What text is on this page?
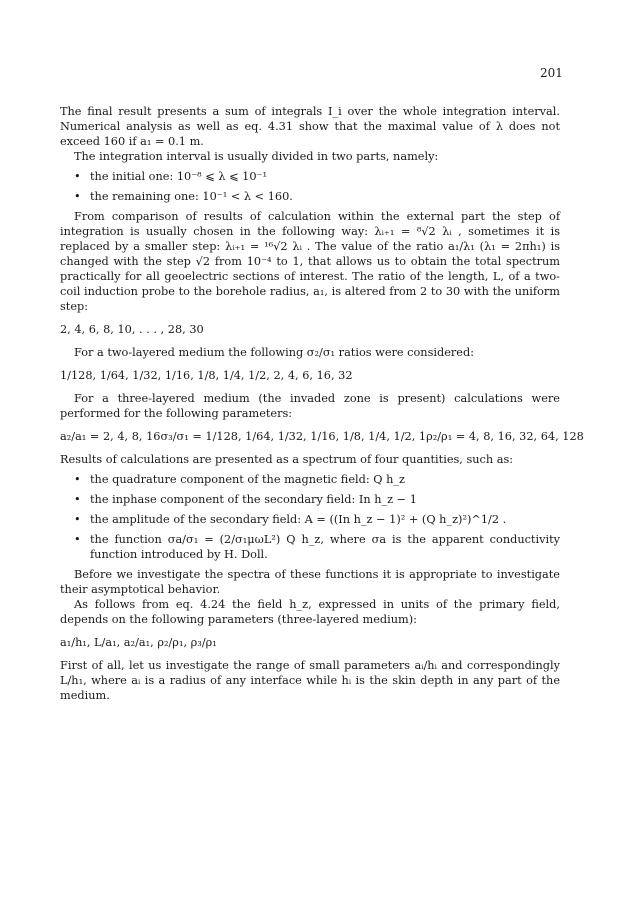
201

The final result presents a sum of integrals I_i over the whole integration interval. Numerical analysis as well as eq. 4.31 show that the maximal value of λ does not exceed 160 if a₁ = 0.1 m.

The integration interval is usually divided in two parts, namely:

• the initial one: 10⁻⁸ ⩽ λ ⩽ 10⁻¹
• the remaining one: 10⁻¹ < λ < 160.

From comparison of results of calculation within the external part the step of integration is usually chosen in the following way: λᵢ₊₁ = ⁸√2 λᵢ , sometimes it is replaced by a smaller step: λᵢ₊₁ = ¹⁶√2 λᵢ . The value of the ratio a₁/λ₁ (λ₁ = 2πh₁) is changed with the step √2 from 10⁻⁴ to 1, that allows us to obtain the total spectrum practically for all geoelectric sections of interest. The ratio of the length, L, of a two-coil induction probe to the borehole radius, a₁, is altered from 2 to 30 with the uniform step:

2, 4, 6, 8, 10, . . . , 28, 30

For a two-layered medium the following σ₂/σ₁ ratios were considered:

1/128, 1/64, 1/32, 1/16, 1/8, 1/4, 1/2, 2, 4, 6, 16, 32

For a three-layered medium (the invaded zone is present) calculations were performed for the following parameters:

a₂/a₁ = 2, 4, 8, 16 σ₃/σ₁ = 1/128, 1/64, 1/32, 1/16, 1/8, 1/4, 1/2, 1 ρ₂/ρ₁ = 4, 8, 16, 32, 64, 128

Results of calculations are presented as a spectrum of four quantities, such as:

• the quadrature component of the magnetic field: Q h_z
• the inphase component of the secondary field: In h_z − 1
• the amplitude of the secondary field: A = ((In h_z − 1)² + (Q h_z)²)^1/2 .
• the function σa/σ₁ = (2/σ₁μωL²) Q h_z, where σa is the apparent conductivity function introduced by H. Doll.

Before we investigate the spectra of these functions it is appropriate to investigate their asymptotical behavior.

As follows from eq. 4.24 the field h_z, expressed in units of the primary field, depends on the following parameters (three-layered medium):

a₁/h₁, L/a₁, a₂/a₁, ρ₂/ρ₁, ρ₃/ρ₁

First of all, let us investigate the range of small parameters aᵢ/hᵢ and correspondingly L/h₁, where aᵢ is a radius of any interface while hᵢ is the skin depth in any part of the medium.
